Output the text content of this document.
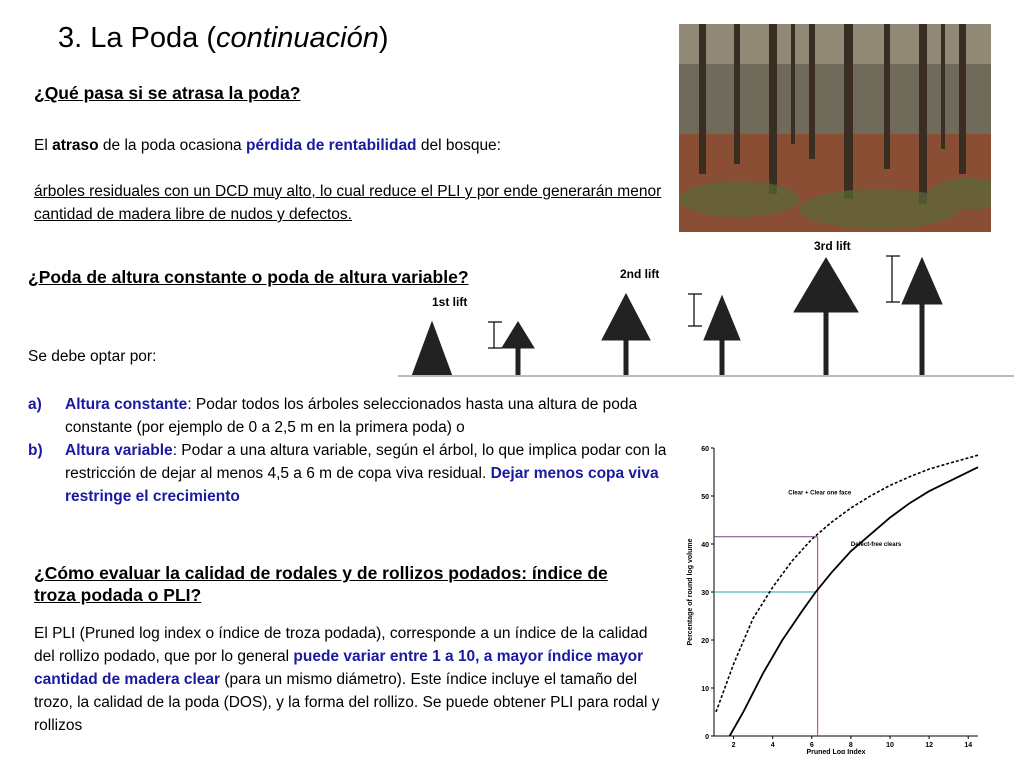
3. La Poda (continuación)
¿Qué pasa si se atrasa la poda?
El atraso de la poda ocasiona pérdida de rentabilidad del bosque:
árboles residuales con un DCD muy alto, lo cual reduce el PLI y por ende generarán menor cantidad de madera libre de nudos y defectos.
¿Poda de altura constante o poda de altura variable?
1st lift
2nd lift
3rd lift
Se debe optar por:
a)	Altura constante: Podar todos los árboles seleccionados hasta una altura de poda constante (por ejemplo de 0 a 2,5 m en la primera poda) o
b)	Altura variable: Podar a una altura variable, según el árbol, lo que implica podar con la restricción de dejar al menos 4,5 a 6 m de copa viva residual. Dejar menos copa viva restringe el crecimiento
¿Cómo evaluar la calidad de rodales y de rollizos podados: índice de troza podada o PLI?
El PLI (Pruned log index o índice de troza podada), corresponde a un índice de la calidad del rollizo podado, que por lo general puede variar entre 1 a 10, a mayor índice mayor cantidad de madera clear (para un mismo diámetro). Este índice incluye el tamaño del trozo, la calidad de la poda (DOS), y la forma del rollizo. Se puede obtener PLI para rodal y rollizos
0
10
20
30
40
50
60
2	4	6	8	10	12	14
Pruned Log Index
Percentage of round log volume
Clear + Clear one face
Defect-free clears
